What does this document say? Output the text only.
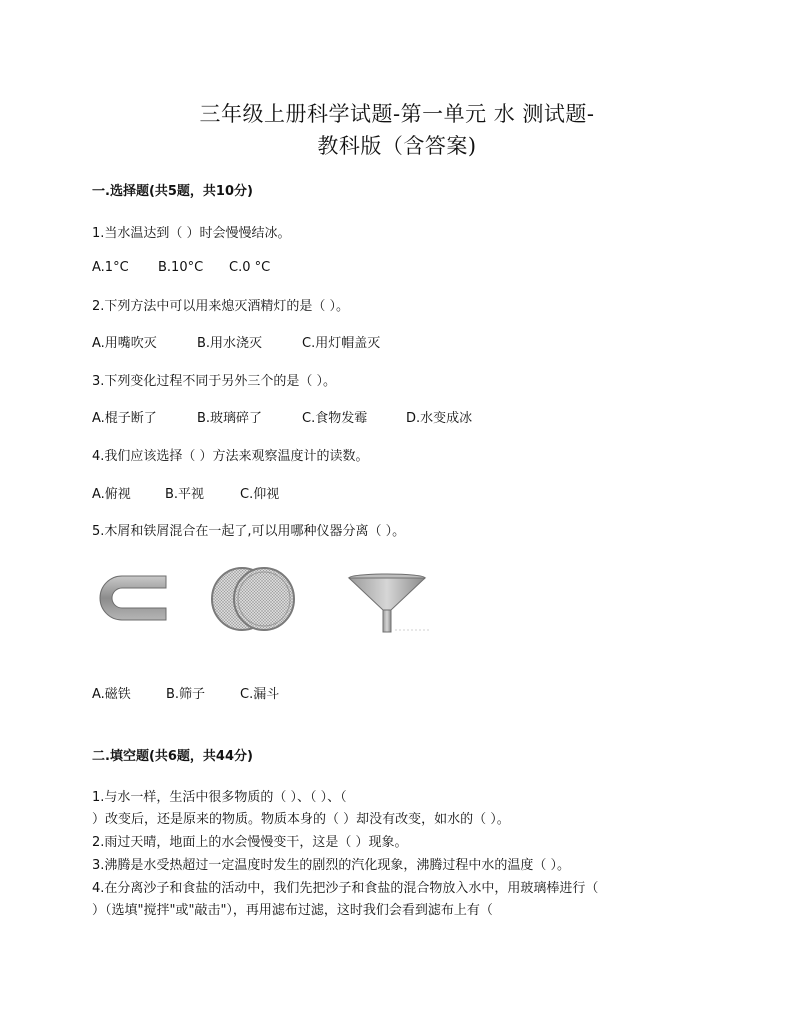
三年级上册科学试题-第一单元 水 测试题-
教科版（含答案)
一.选择题(共5题，共10分)
1.当水温达到（ ）时会慢慢结冰。
A.1°C B.10°C C.0 °C
2.下列方法中可以用来熄灭酒精灯的是（ ）。
A.用嘴吹灭	B.用水浇灭	C.用灯帽盖灭
3.下列变化过程不同于另外三个的是（ ）。
A.棍子断了	B.玻璃碎了	C.食物发霉	D.水变成冰
4.我们应该选择（ ）方法来观察温度计的读数。
A.俯视	B.平视	C.仰视
5.木屑和铁屑混合在一起了,可以用哪种仪器分离（ ）。
A.磁铁	B.筛子	C.漏斗
二.填空题(共6题，共44分)
1.与水一样，生活中很多物质的（ ）、（ ）、（
）改变后，还是原来的物质。物质本身的（ ）却没有改变，如水的（ ）。
2.雨过天晴，地面上的水会慢慢变干，这是（ ）现象。
3.沸腾是水受热超过一定温度时发生的剧烈的汽化现象，沸腾过程中水的温度（ ）。
4.在分离沙子和食盐的活动中，我们先把沙子和食盐的混合物放入水中，用玻璃棒进行（
）（选填"搅拌"或"敲击"），再用滤布过滤，这时我们会看到滤布上有（
